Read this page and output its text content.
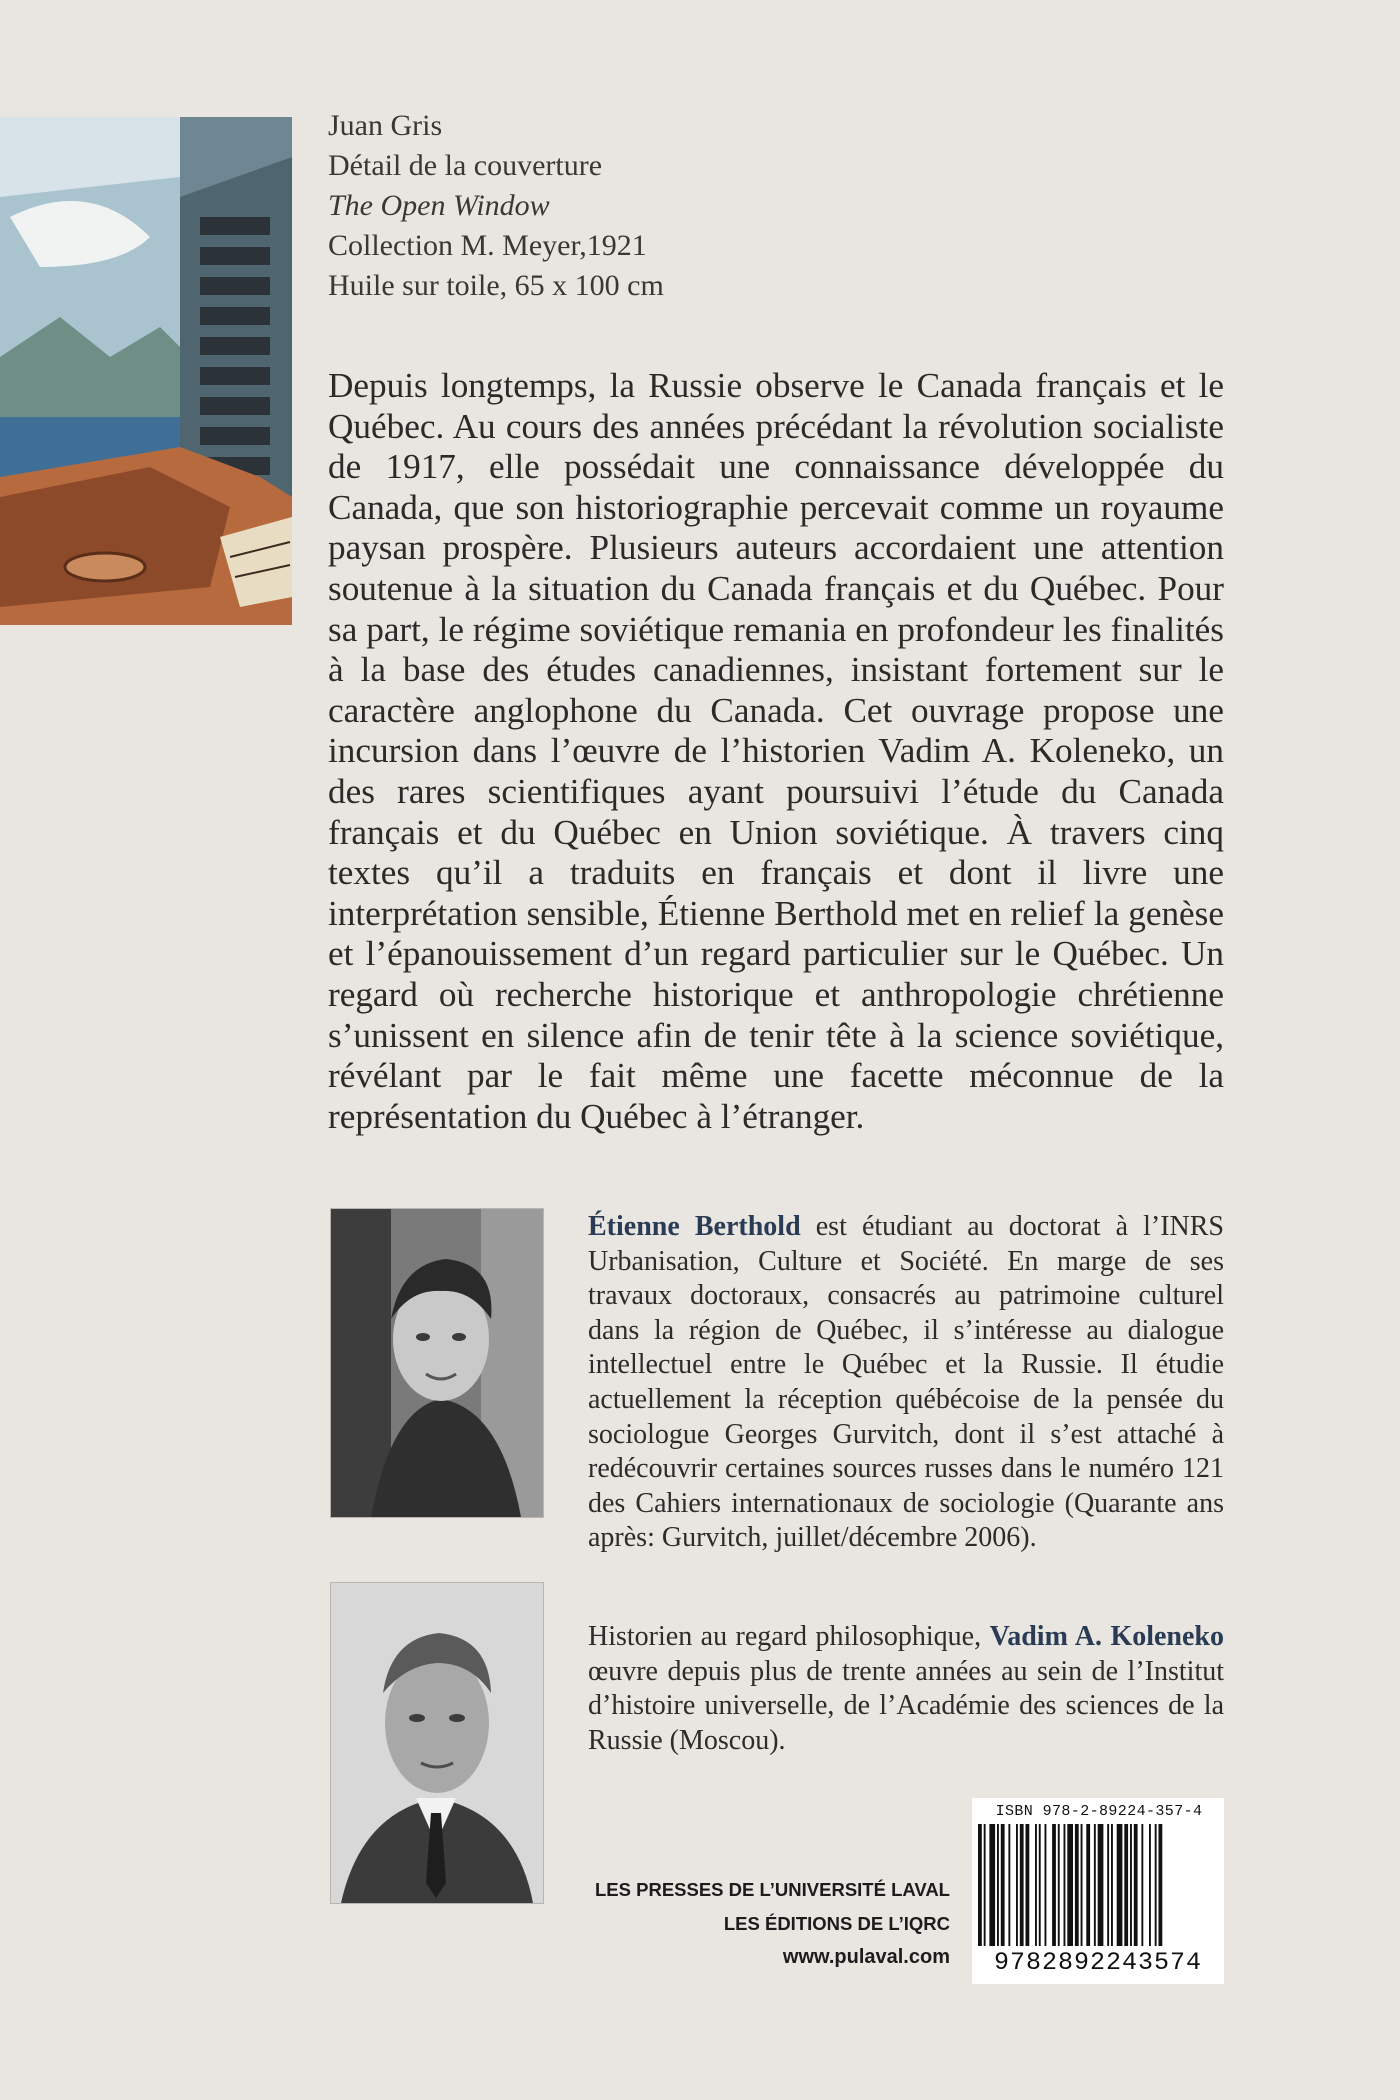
Juan Gris
Détail de la couverture
The Open Window
Collection M. Meyer,1921
Huile sur toile, 65 x 100 cm

Depuis longtemps, la Russie observe le Canada français et le Québec. Au cours des années précédant la révolution socialiste de 1917, elle possédait une connaissance développée du Canada, que son historiographie percevait comme un royaume paysan prospère. Plusieurs auteurs accordaient une attention soutenue à la situation du Canada français et du Québec. Pour sa part, le régime soviétique remania en profondeur les finalités à la base des études canadiennes, insistant fortement sur le caractère anglophone du Canada. Cet ouvrage propose une incursion dans l’œuvre de l’historien Vadim A. Koleneko, un des rares scientifiques ayant poursuivi l’étude du Canada français et du Québec en Union soviétique. À travers cinq textes qu’il a traduits en français et dont il livre une interprétation sensible, Étienne Berthold met en relief la genèse et l’épanouissement d’un regard particulier sur le Québec. Un regard où recherche historique et anthropologie chrétienne s’unissent en silence afin de tenir tête à la science soviétique, révélant par le fait même une facette méconnue de la représentation du Québec à l’étranger.

Étienne Berthold est étudiant au doctorat à l’INRS Urbanisation, Culture et Société. En marge de ses travaux doctoraux, consacrés au patrimoine culturel dans la région de Québec, il s’intéresse au dialogue intellectuel entre le Québec et la Russie. Il étudie actuellement la réception québécoise de la pensée du sociologue Georges Gurvitch, dont il s’est attaché à redécouvrir certaines sources russes dans le numéro 121 des Cahiers internationaux de sociologie (Quarante ans après: Gurvitch, juillet/décembre 2006).
Historien au regard philosophique, Vadim A. Koleneko œuvre depuis plus de trente années au sein de l’Institut d’histoire universelle, de l’Académie des sciences de la Russie (Moscou).
ISBN 978-2-89224-357-4
9782892243574
LES PRESSES DE L’UNIVERSITÉ LAVAL
LES ÉDITIONS DE L’IQRC
www.pulaval.com
